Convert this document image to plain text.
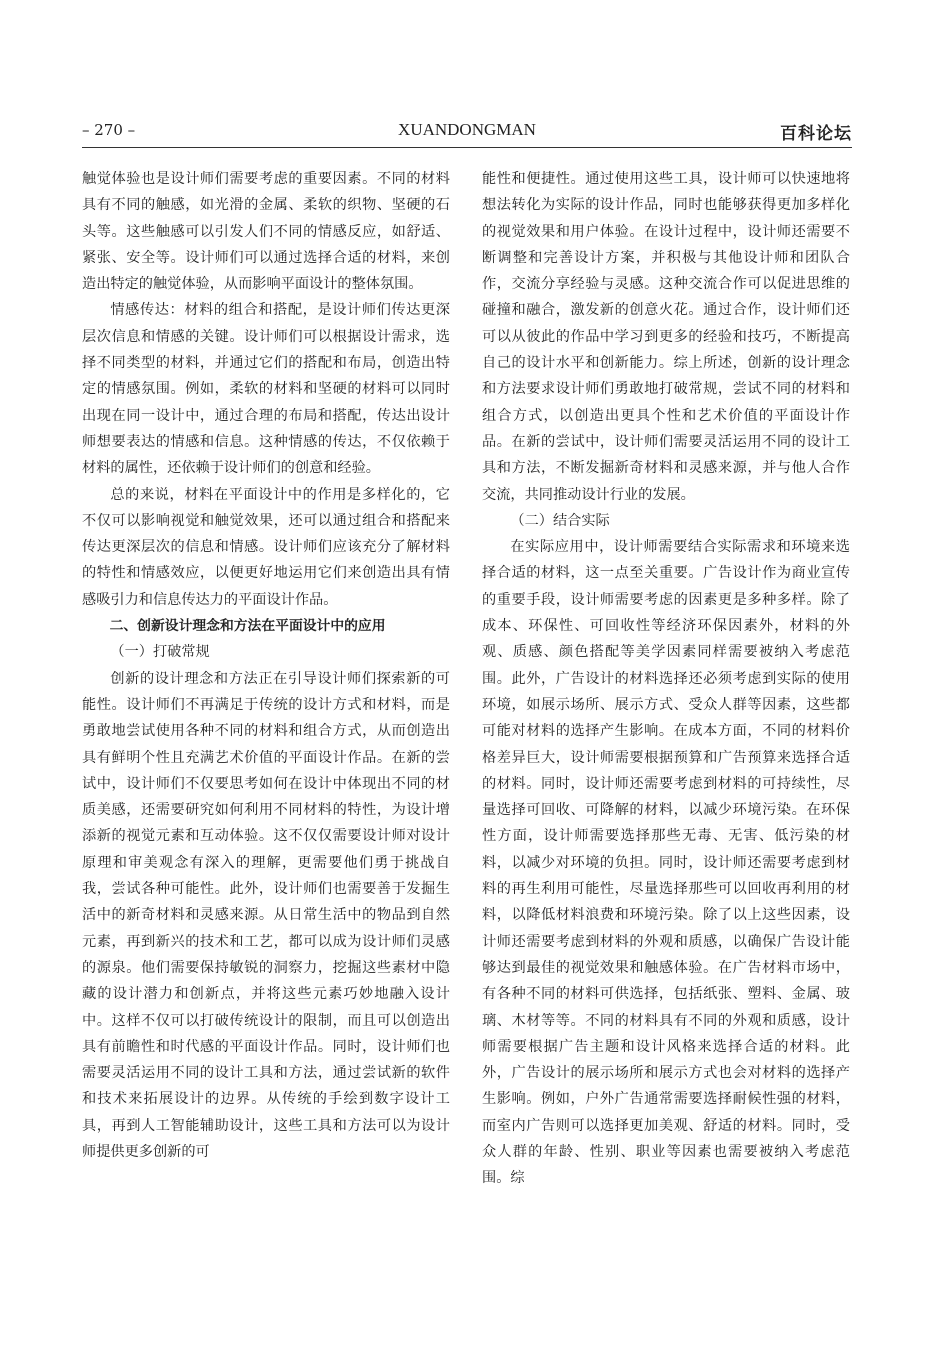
– 270 –	XUANDONGMAN	百科论坛

触觉体验也是设计师们需要考虑的重要因素。不同的材料具有不同的触感，如光滑的金属、柔软的织物、坚硬的石头等。这些触感可以引发人们不同的情感反应，如舒适、紧张、安全等。设计师们可以通过选择合适的材料，来创造出特定的触觉体验，从而影响平面设计的整体氛围。

情感传达：材料的组合和搭配，是设计师们传达更深层次信息和情感的关键。设计师们可以根据设计需求，选择不同类型的材料，并通过它们的搭配和布局，创造出特定的情感氛围。例如，柔软的材料和坚硬的材料可以同时出现在同一设计中，通过合理的布局和搭配，传达出设计师想要表达的情感和信息。这种情感的传达，不仅依赖于材料的属性，还依赖于设计师们的创意和经验。

总的来说，材料在平面设计中的作用是多样化的，它不仅可以影响视觉和触觉效果，还可以通过组合和搭配来传达更深层次的信息和情感。设计师们应该充分了解材料的特性和情感效应，以便更好地运用它们来创造出具有情感吸引力和信息传达力的平面设计作品。

二、创新设计理念和方法在平面设计中的应用

（一）打破常规

创新的设计理念和方法正在引导设计师们探索新的可能性。设计师们不再满足于传统的设计方式和材料，而是勇敢地尝试使用各种不同的材料和组合方式，从而创造出具有鲜明个性且充满艺术价值的平面设计作品。在新的尝试中，设计师们不仅要思考如何在设计中体现出不同的材质美感，还需要研究如何利用不同材料的特性，为设计增添新的视觉元素和互动体验。这不仅仅需要设计师对设计原理和审美观念有深入的理解，更需要他们勇于挑战自我，尝试各种可能性。此外，设计师们也需要善于发掘生活中的新奇材料和灵感来源。从日常生活中的物品到自然元素，再到新兴的技术和工艺，都可以成为设计师们灵感的源泉。他们需要保持敏锐的洞察力，挖掘这些素材中隐藏的设计潜力和创新点，并将这些元素巧妙地融入设计中。这样不仅可以打破传统设计的限制，而且可以创造出具有前瞻性和时代感的平面设计作品。同时，设计师们也需要灵活运用不同的设计工具和方法，通过尝试新的软件和技术来拓展设计的边界。从传统的手绘到数字设计工具，再到人工智能辅助设计，这些工具和方法可以为设计师提供更多创新的可

能性和便捷性。通过使用这些工具，设计师可以快速地将想法转化为实际的设计作品，同时也能够获得更加多样化的视觉效果和用户体验。在设计过程中，设计师还需要不断调整和完善设计方案，并积极与其他设计师和团队合作，交流分享经验与灵感。这种交流合作可以促进思维的碰撞和融合，激发新的创意火花。通过合作，设计师们还可以从彼此的作品中学习到更多的经验和技巧，不断提高自己的设计水平和创新能力。综上所述，创新的设计理念和方法要求设计师们勇敢地打破常规，尝试不同的材料和组合方式，以创造出更具个性和艺术价值的平面设计作品。在新的尝试中，设计师们需要灵活运用不同的设计工具和方法，不断发掘新奇材料和灵感来源，并与他人合作交流，共同推动设计行业的发展。

（二）结合实际

在实际应用中，设计师需要结合实际需求和环境来选择合适的材料，这一点至关重要。广告设计作为商业宣传的重要手段，设计师需要考虑的因素更是多种多样。除了成本、环保性、可回收性等经济环保因素外，材料的外观、质感、颜色搭配等美学因素同样需要被纳入考虑范围。此外，广告设计的材料选择还必须考虑到实际的使用环境，如展示场所、展示方式、受众人群等因素，这些都可能对材料的选择产生影响。在成本方面，不同的材料价格差异巨大，设计师需要根据预算和广告预算来选择合适的材料。同时，设计师还需要考虑到材料的可持续性，尽量选择可回收、可降解的材料，以减少环境污染。在环保性方面，设计师需要选择那些无毒、无害、低污染的材料，以减少对环境的负担。同时，设计师还需要考虑到材料的再生利用可能性，尽量选择那些可以回收再利用的材料，以降低材料浪费和环境污染。除了以上这些因素，设计师还需要考虑到材料的外观和质感，以确保广告设计能够达到最佳的视觉效果和触感体验。在广告材料市场中，有各种不同的材料可供选择，包括纸张、塑料、金属、玻璃、木材等等。不同的材料具有不同的外观和质感，设计师需要根据广告主题和设计风格来选择合适的材料。此外，广告设计的展示场所和展示方式也会对材料的选择产生影响。例如，户外广告通常需要选择耐候性强的材料，而室内广告则可以选择更加美观、舒适的材料。同时，受众人群的年龄、性别、职业等因素也需要被纳入考虑范围。综
